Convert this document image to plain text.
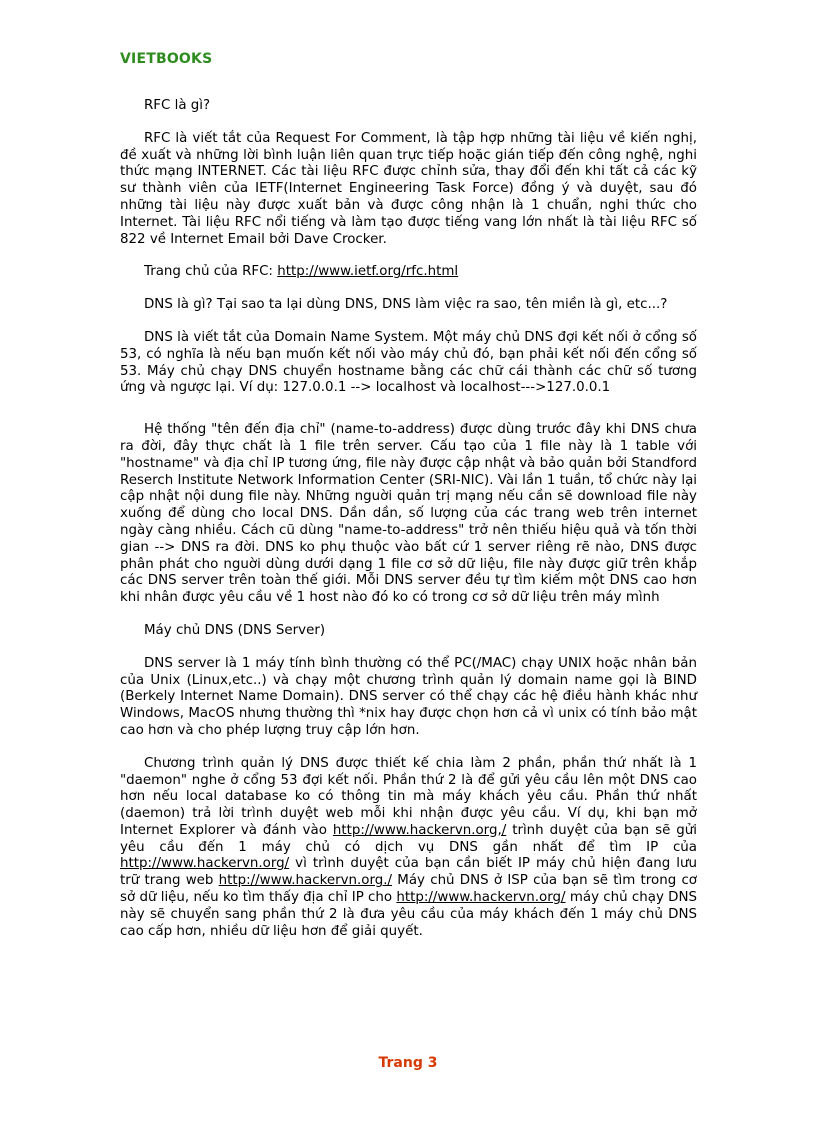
VIETBOOKS

RFC là gì?

RFC là viết tắt của Request For Comment, là tập hợp những tài liệu về kiến nghị, đề xuất và những lời bình luận liên quan trực tiếp hoặc gián tiếp đến công nghệ, nghi thức mạng INTERNET. Các tài liệu RFC được chỉnh sửa, thay đổi đến khi tất cả các kỹ sư thành viên của IETF(Internet Engineering Task Force) đồng ý và duyệt, sau đó những tài liệu này được xuất bản và được công nhận là 1 chuẩn, nghi thức cho Internet. Tài liệu RFC nổi tiếng và làm tạo được tiếng vang lớn nhất là tài liệu RFC số 822 về Internet Email bởi Dave Crocker.

Trang chủ của RFC: http://www.ietf.org/rfc.html

DNS là gì? Tại sao ta lại dùng DNS, DNS làm việc ra sao, tên miền là gì, etc...?

DNS là viết tắt của Domain Name System. Một máy chủ DNS đợi kết nối ở cổng số 53, có nghĩa là nếu bạn muốn kết nối vào máy chủ đó, bạn phải kết nối đến cổng số 53. Máy chủ chạy DNS chuyển hostname bằng các chữ cái thành các chữ số tương ứng và ngược lại. Ví dụ: 127.0.0.1 --> localhost và localhost--->127.0.0.1

Hệ thống "tên đến địa chỉ" (name-to-address) được dùng trước đây khi DNS chưa ra đời, đây thực chất là 1 file trên server. Cấu tạo của 1 file này là 1 table với "hostname" và địa chỉ IP tương ứng, file này được cập nhật và bảo quản bởi Standford Reserch Institute Network Information Center (SRI-NIC). Vài lần 1 tuần, tổ chức này lại cập nhật nội dung file này. Những nguời quản trị mạng nếu cần sẽ download file này xuống để dùng cho local DNS. Dần dần, số lượng của các trang web trên internet ngày càng nhiều. Cách cũ dùng "name-to-address" trở nên thiếu hiệu quả và tốn thời gian --> DNS ra đời. DNS ko phụ thuộc vào bất cứ 1 server riêng rẽ nào, DNS được phân phát cho nguời dùng dưới dạng 1 file cơ sở dữ liệu, file này được giữ trên khắp các DNS server trên toàn thế giới. Mỗi DNS server đều tự tìm kiếm một DNS cao hơn khi nhân được yêu cầu về 1 host nào đó ko có trong cơ sở dữ liệu trên máy mình

Máy chủ DNS (DNS Server)

DNS server là 1 máy tính bình thường có thể PC(/MAC) chạy UNIX hoặc nhân bản của Unix (Linux,etc..) và chạy một chương trình quản lý domain name gọi là BIND (Berkely Internet Name Domain). DNS server có thể chạy các hệ điều hành khác như Windows, MacOS nhưng thường thì *nix hay được chọn hơn cả vì unix có tính bảo mật cao hơn và cho phép lượng truy cập lớn hơn.

Chương trình quản lý DNS được thiết kế chia làm 2 phần, phần thứ nhất là 1 "daemon" nghe ở cổng 53 đợi kết nối. Phần thứ 2 là để gửi yêu cầu lên một DNS cao hơn nếu local database ko có thông tin mà máy khách yêu cầu. Phần thứ nhất (daemon) trả lời trình duyệt web mỗi khi nhận được yêu cầu. Ví dụ, khi bạn mở Internet Explorer và đánh vào http://www.hackervn.org,/ trình duyệt của bạn sẽ gửi yêu cầu đến 1 máy chủ có dịch vụ DNS gần nhất để tìm IP của http://www.hackervn.org/ vì trình duyệt của bạn cần biết IP máy chủ hiện đang lưu trữ trang web http://www.hackervn.org./ Máy chủ DNS ở ISP của bạn sẽ tìm trong cơ sở dữ liệu, nếu ko tìm thấy địa chỉ IP cho http://www.hackervn.org/ máy chủ chạy DNS này sẽ chuyển sang phần thứ 2 là đưa yêu cầu của máy khách đến 1 máy chủ DNS cao cấp hơn, nhiều dữ liệu hơn để giải quyết.

Trang 3
